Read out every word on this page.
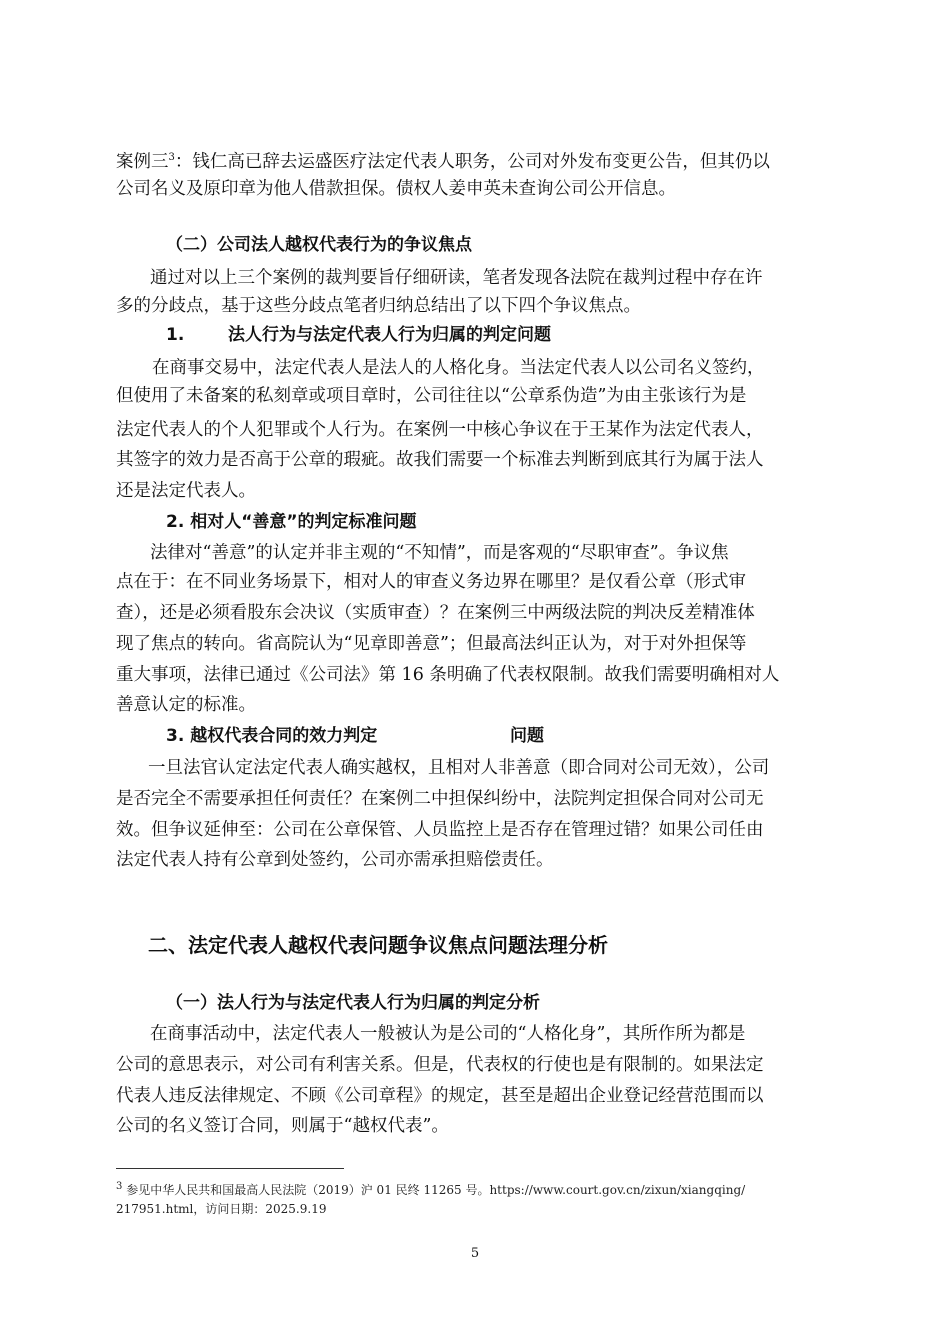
案例三$^3$：钱仁高已辞去运盛医疗法定代表人职务，公司对外发布变更公告，但其仍以
公司名义及原印章为他人借款担保。债权人姜申英未查询公司公开信息。
（二）公司法人越权代表行为的争议焦点
通过对以上三个案例的裁判要旨仔细研读，笔者发现各法院在裁判过程中存在许
多的分歧点，基于这些分歧点笔者归纳总结出了以下四个争议焦点。
1.	法人行为与法定代表人行为归属的判定问题
在商事交易中，法定代表人是法人的人格化身。当法定代表人以公司名义签约，
但使用了未备案的私刻章或项目章时，公司往往以“公章系伪造”为由主张该行为是
法定代表人的个人犯罪或个人行为。在案例一中核心争议在于王某作为法定代表人，
其签字的效力是否高于公章的瑕疵。故我们需要一个标准去判断到底其行为属于法人
还是法定代表人。
2. 相对人“善意”的判定标准问题
法律对“善意”的认定并非主观的“不知情”，而是客观的“尽职审查”。争议焦
点在于：在不同业务场景下，相对人的审查义务边界在哪里？是仅看公章（形式审
查），还是必须看股东会决议（实质审查）？在案例三中两级法院的判决反差精准体
现了焦点的转向。省高院认为“见章即善意”；但最高法纠正认为，对于对外担保等
重大事项，法律已通过《公司法》第 16 条明确了代表权限制。故我们需要明确相对人
善意认定的标准。
3. 越权代表合同的效力判定	问题
一旦法官认定法定代表人确实越权，且相对人非善意（即合同对公司无效），公司
是否完全不需要承担任何责任？在案例二中担保纠纷中，法院判定担保合同对公司无
效。但争议延伸至：公司在公章保管、人员监控上是否存在管理过错？如果公司任由
法定代表人持有公章到处签约，公司亦需承担赔偿责任。
二、法定代表人越权代表问题争议焦点问题法理分析
（一）法人行为与法定代表人行为归属的判定分析
在商事活动中，法定代表人一般被认为是公司的“人格化身”，其所作所为都是
公司的意思表示，对公司有利害关系。但是，代表权的行使也是有限制的。如果法定
代表人违反法律规定、不顾《公司章程》的规定，甚至是超出企业登记经营范围而以
公司的名义签订合同，则属于“越权代表”。
$^3$ 参见中华人民共和国最高人民法院（2019）沪 01 民终 11265 号。https://www.court.gov.cn/zixun/xiangqing/
217951.html，访问日期：2025.9.19
5
